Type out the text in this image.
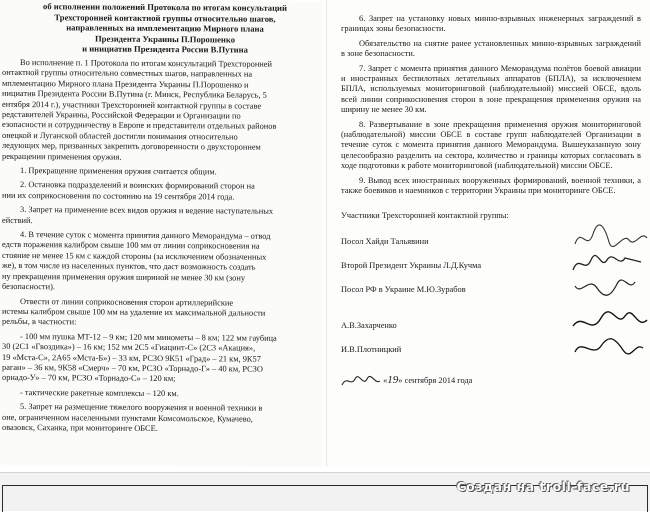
об исполнении положений Протокола по итогам консультаций
Трехсторонней контактной группы относительно шагов,
направленных на имплементацию Мирного плана
Президента Украины П.Порошенко
и инициатив Президента России В.Путина
Во исполнение п. 1 Протокола по итогам консультаций Трехсторонней
онтактной группы относительно совместных шагов, направленных на
мплементацию Мирного плана Президента Украины П.Порошенко и
нициатив Президента России В.Путина (г. Минск, Республика Беларусь, 5
ентября 2014 г.), участники Трехсторонней контактной группы в составе
редставителей Украины, Российской Федерации и Организации по
езопасности и сотрудничеству в Европе и представители отдельных районов
онецкой и Луганской областей достигли понимания относительно
ледующих мер, призванных закрепить договоренности о двухстороннем
рекращении применения оружия.
1. Прекращение применения оружия считается общим.
2. Остановка подразделений и воинских формирований сторон на
нии их соприкосновения по состоянию на 19 сентября 2014 года.
3. Запрет на применение всех видов оружия и ведение наступательных
ействий.
4. В течение суток с момента принятия данного Меморандума – отвод
едств поражения калибром свыше 100 мм от линии соприкосновения на
стояние не менее 15 км с каждой стороны (за исключением обозначенных
же), в том числе из населенных пунктов, что даст возможность создать
ну прекращения применения оружия шириной не менее 30 км (зону
безопасности).
Отвести от линии соприкосновения сторон артиллерийские
истемы калибром свыше 100 мм на удаление их максимальной дальности
рельбы, в частности:
- 100 мм пушка МТ-12 – 9 км; 120 мм минометы – 8 км; 122 мм гаубица
30 (2С1 «Гвоздика») – 16 км; 152 мм 2С5 «Гиацинт-С» (2С3 «Акация»,
19 «Мста-С», 2А65 «Мста-Б») – 33 км, РСЗО 9К51 «Град» – 21 км, 9К57
раган» – 36 км, 9К58 «Смерч» – 70 км, РСЗО «Торнадо-Г» – 40 км, РСЗО
орнадо-У» – 70 км, РСЗО «Торнадо-С» – 120 км;
- тактические ракетные комплексы – 120 км.
5. Запрет на размещение тяжелого вооружения и военной техники в
оне, ограниченном населенными пунктами Комсомольское, Кумачево,
овазовск, Саханка, при мониторинге ОБСЕ.
6. Запрет на установку новых минно-взрывных инженерных заграждений в границах зоны безопасности.
Обязательство на снятие ранее установленных минно-взрывных заграждений в зоне безопасности.
7. Запрет с момента принятия данного Меморандума полётов боевой авиации и иностранных беспилотных летательных аппаратов (БПЛА), за исключением БПЛА, используемых мониторинговой (наблюдательной) миссией ОБСЕ, вдоль всей линии соприкосновения сторон в зоне прекращения применения оружия на ширину не менее 30 км.
8. Развертывание в зоне прекращения применения оружия мониторинговой (наблюдательной) миссии ОБСЕ в составе групп наблюдателей Организации в течение суток с момента принятия данного Меморандума. Вышеуказанную зону целесообразно разделить на сектора, количество и границы которых согласовать в ходе подготовки к работе мониторинговой (наблюдательной) миссии ОБСЕ.
9. Вывод всех иностранных вооруженных формирований, военной техники, а также боевиков и наемников с территории Украины при мониторинге ОБСЕ.
Участники Трехсторонней контактной группы:
Посол Хайди Тальявини
Второй Президент Украины Л.Д.Кучма
Посол РФ в Украине М.Ю.Зурабов
А.В.Захарченко
И.В.Плотницкий
«19» сентября 2014 года
Создан на troll-face.ru
